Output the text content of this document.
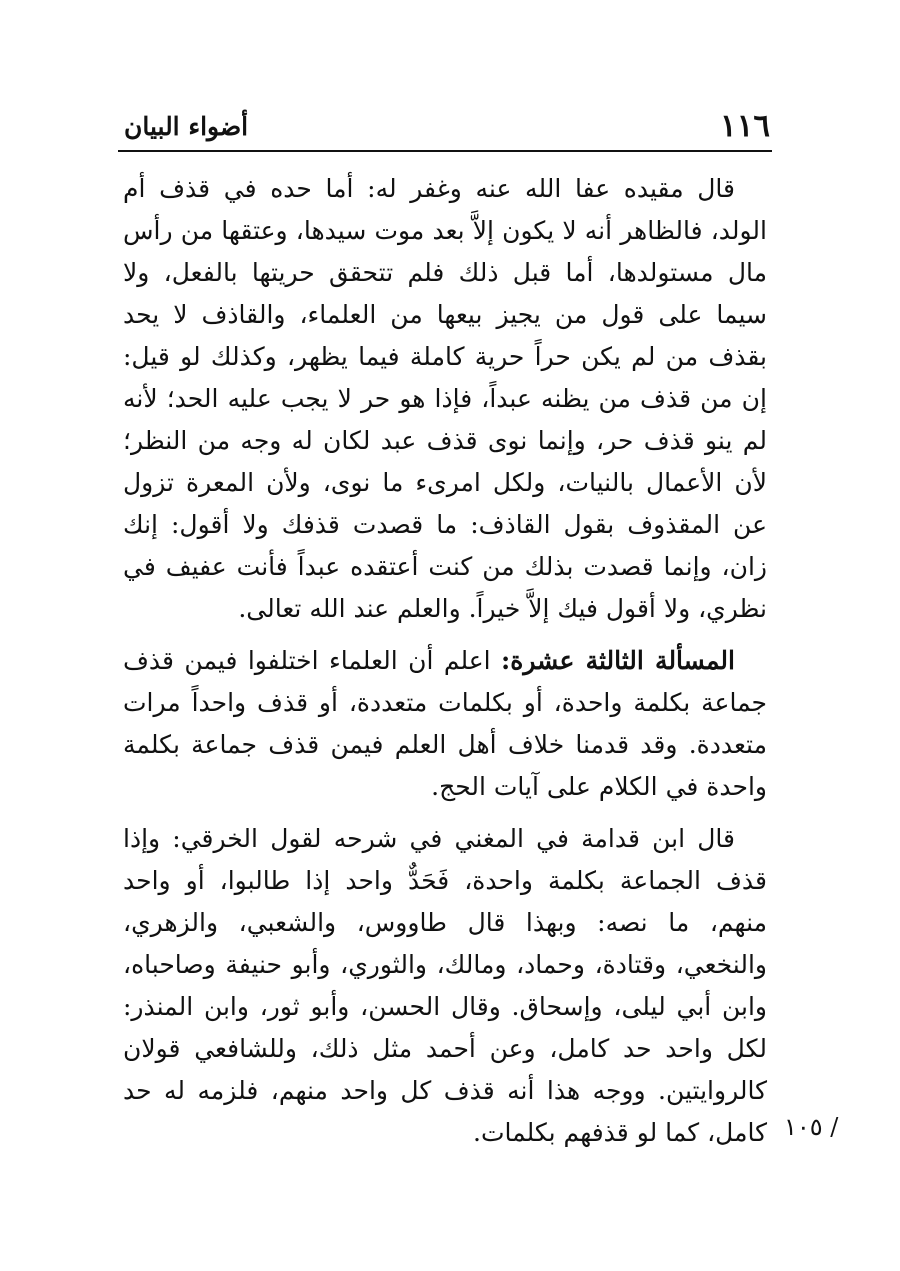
أضواء البيان	١١٦

قال مقيده عفا الله عنه وغفر له: أما حده في قذف أم الولد، فالظاهر أنه لا يكون إلاَّ بعد موت سيدها، وعتقها من رأس مال مستولدها، أما قبل ذلك فلم تتحقق حريتها بالفعل، ولا سيما على قول من يجيز بيعها من العلماء، والقاذف لا يحد بقذف من لم يكن حراً حرية كاملة فيما يظهر، وكذلك لو قيل: إن من قذف من يظنه عبداً، فإذا هو حر لا يجب عليه الحد؛ لأنه لم ينو قذف حر، وإنما نوى قذف عبد لكان له وجه من النظر؛ لأن الأعمال بالنيات، ولكل امرىء ما نوى، ولأن المعرة تزول عن المقذوف بقول القاذف: ما قصدت قذفك ولا أقول: إنك زان، وإنما قصدت بذلك من كنت أعتقده عبداً فأنت عفيف في نظري، ولا أقول فيك إلاَّ خيراً. والعلم عند الله تعالى.

المسألة الثالثة عشرة: اعلم أن العلماء اختلفوا فيمن قذف جماعة بكلمة واحدة، أو بكلمات متعددة، أو قذف واحداً مرات متعددة. وقد قدمنا خلاف أهل العلم فيمن قذف جماعة بكلمة واحدة في الكلام على آيات الحج.

قال ابن قدامة في المغني في شرحه لقول الخرقي: وإذا قذف الجماعة بكلمة واحدة، فَحَدٌّ واحد إذا طالبوا، أو واحد منهم، ما نصه: وبهذا قال طاووس، والشعبي، والزهري، والنخعي، وقتادة، وحماد، ومالك، والثوري، وأبو حنيفة وصاحباه، وابن أبي ليلى، وإسحاق. وقال الحسن، وأبو ثور، وابن المنذر: لكل واحد حد كامل، وعن أحمد مثل ذلك، وللشافعي قولان كالروايتين. ووجه هذا أنه قذف كل واحد منهم، فلزمه له حد كامل، كما لو قذفهم بكلمات. ١٠٥ /
